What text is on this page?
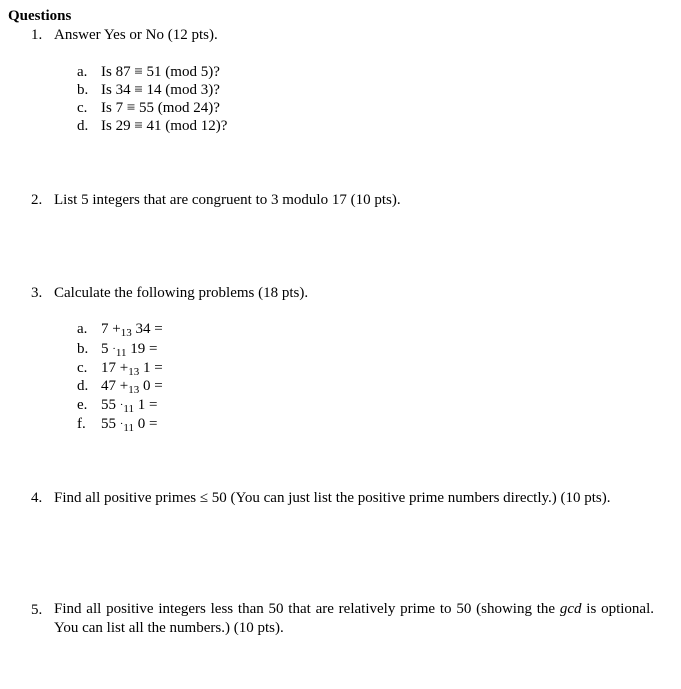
Questions
1. Answer Yes or No (12 pts).
a. Is 87 ≡ 51 (mod 5)?
b. Is 34 ≡ 14 (mod 3)?
c. Is 7 ≡ 55 (mod 24)?
d. Is 29 ≡ 41 (mod 12)?
2. List 5 integers that are congruent to 3 modulo 17 (10 pts).
3. Calculate the following problems (18 pts).
a. $7 +_{13}$ 34 =
b. $5 \cdot_{11}$ 19 =
c. $17 +_{13}$ 1 =
d. $47 +_{13}$ 0 =
e. $55 \cdot_{11}$ 1 =
f. $55 \cdot_{11}$ 0 =
4. Find all positive primes ≤ 50 (You can just list the positive prime numbers directly.) (10 pts).
5. Find all positive integers less than 50 that are relatively prime to 50 (showing the gcd is optional. You can list all the numbers.) (10 pts).
